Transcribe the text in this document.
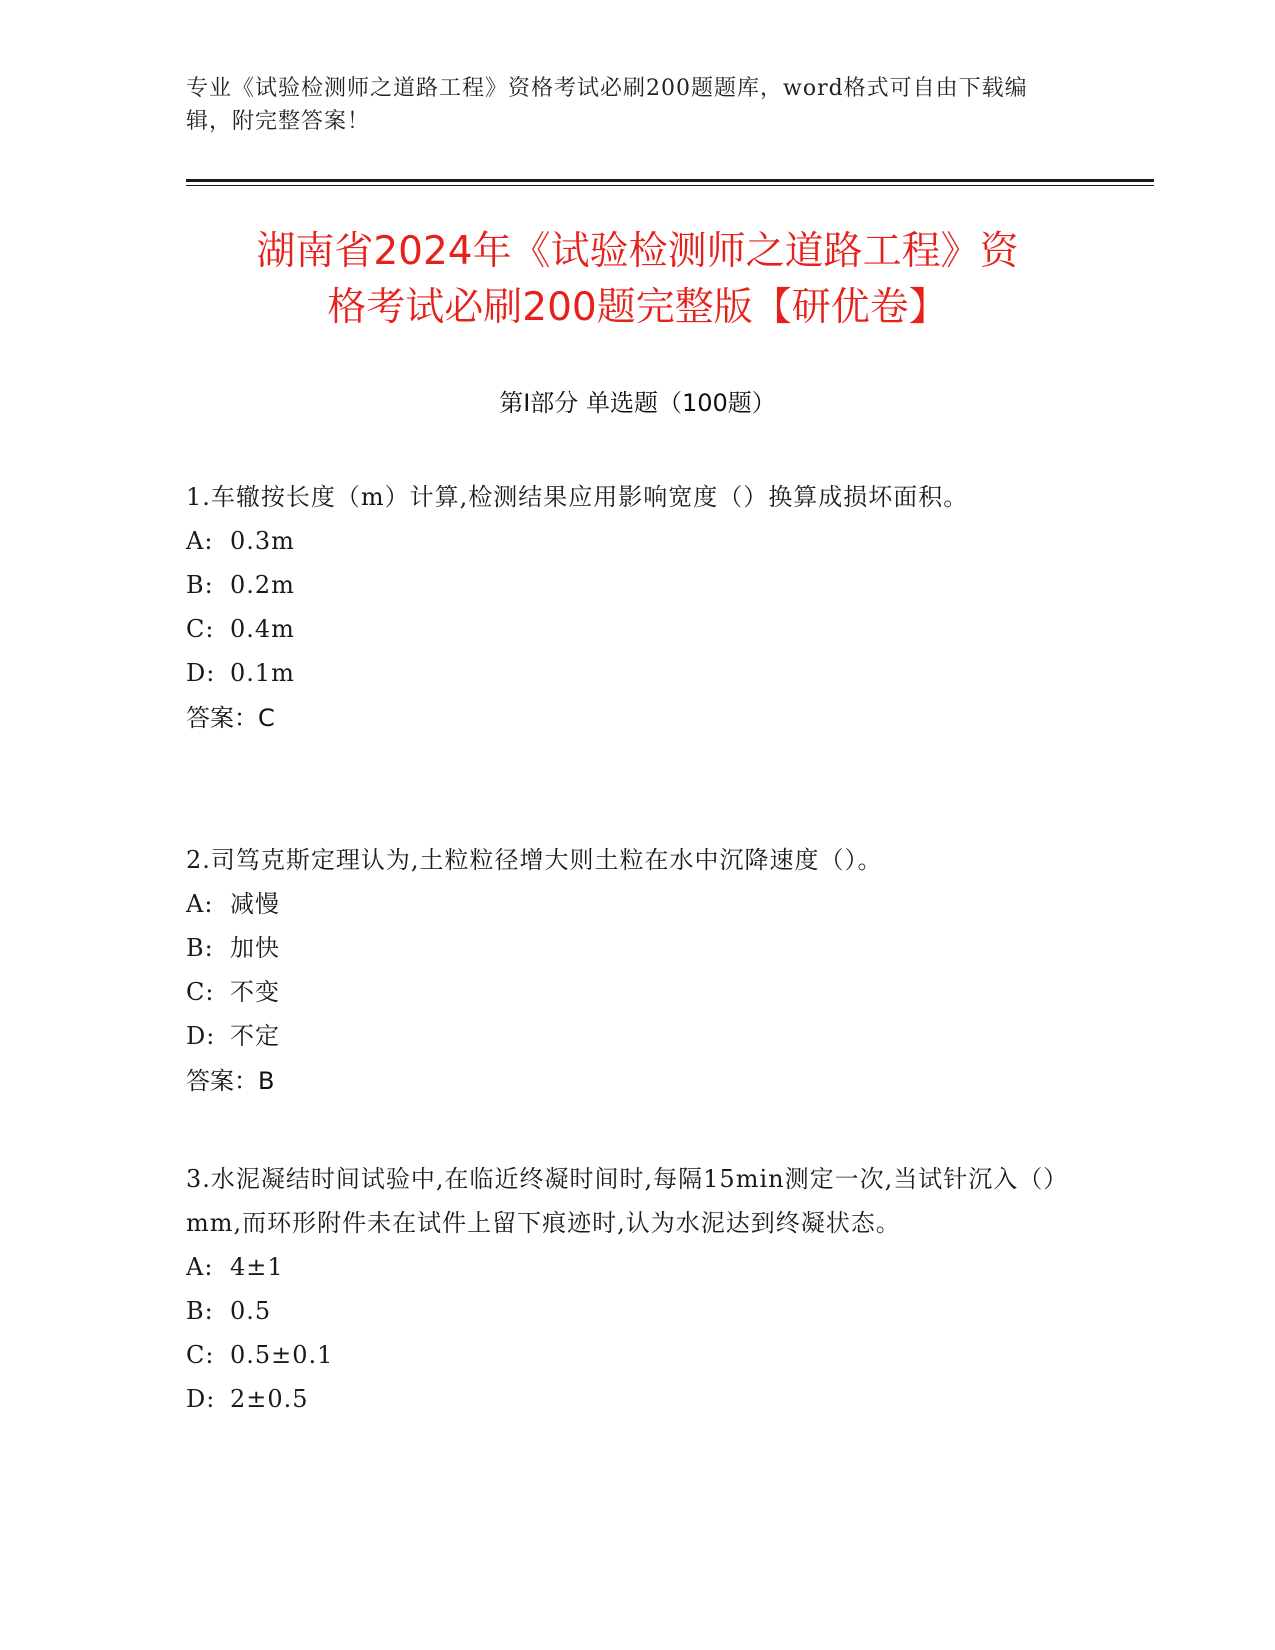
专业《试验检测师之道路工程》资格考试必刷200题题库，word格式可自由下载编辑，附完整答案！
湖南省2024年《试验检测师之道路工程》资
格考试必刷200题完整版【研优卷】
第I部分 单选题（100题）
1.车辙按长度（m）计算,检测结果应用影响宽度（）换算成损坏面积。
A: 0.3m
B: 0.2m
C: 0.4m
D: 0.1m
答案：C
2.司笃克斯定理认为,土粒粒径增大则土粒在水中沉降速度（）。
A: 减慢
B: 加快
C: 不变
D: 不定
答案：B
3.水泥凝结时间试验中,在临近终凝时间时,每隔15min测定一次,当试针沉入（）mm,而环形附件未在试件上留下痕迹时,认为水泥达到终凝状态。
A: 4±1
B: 0.5
C: 0.5±0.1
D: 2±0.5
